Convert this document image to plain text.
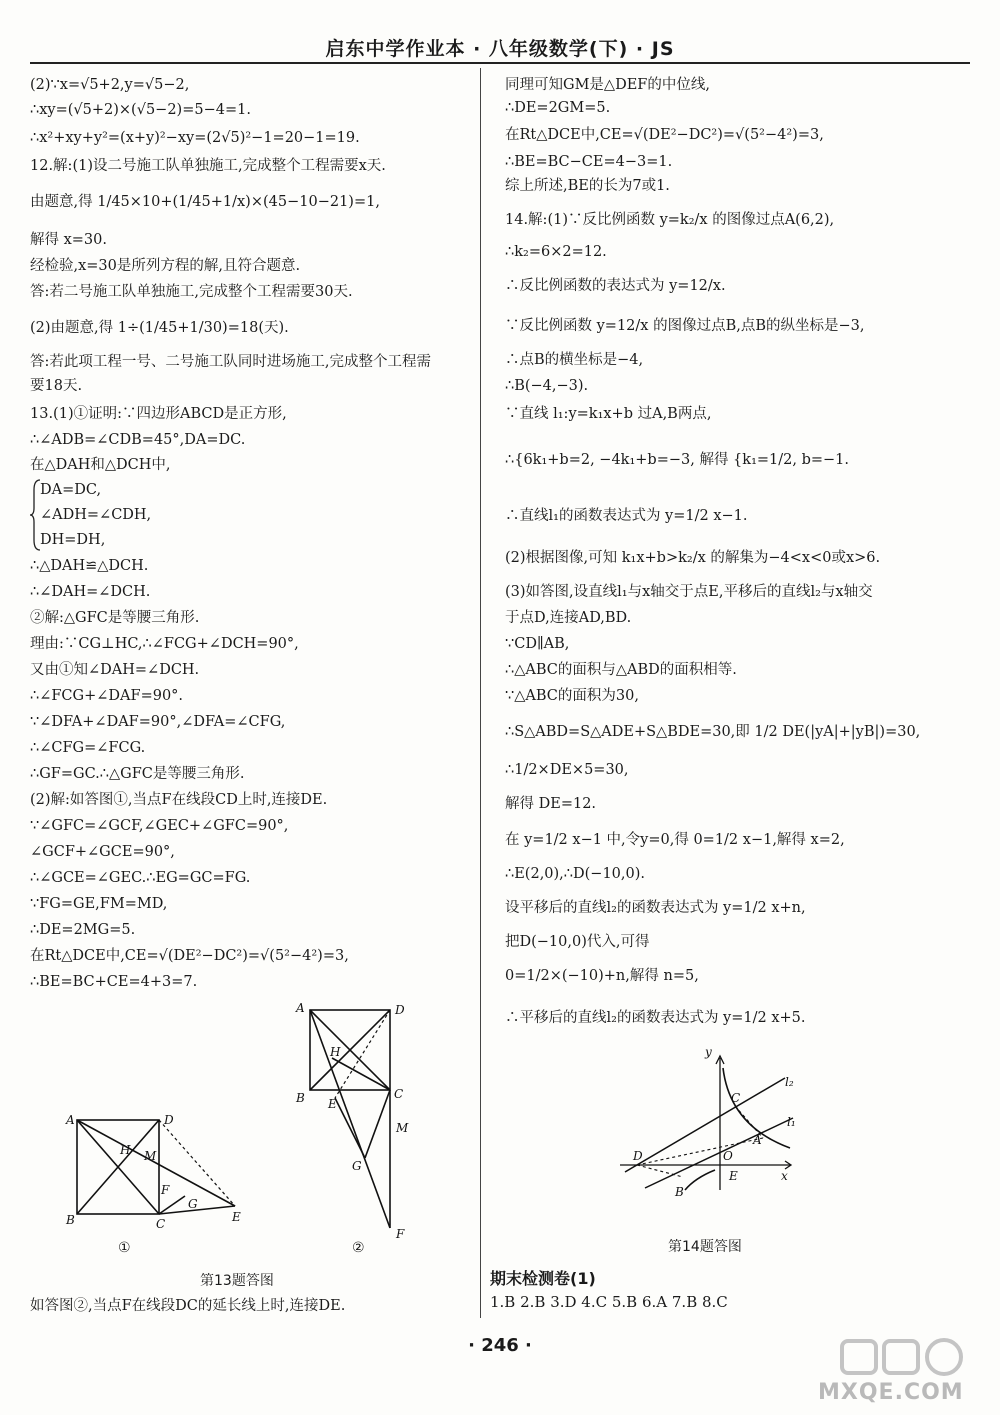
启东中学作业本 · 八年级数学(下) · JS
(2)∵x=√5+2,y=√5−2,
∴xy=(√5+2)×(√5−2)=5−4=1.
∴x²+xy+y²=(x+y)²−xy=(2√5)²−1=20−1=19.
12.解:(1)设二号施工队单独施工,完成整个工程需要x天.
由题意,得 1/45×10+(1/45+1/x)×(45−10−21)=1,
解得 x=30.
经检验,x=30是所列方程的解,且符合题意.
答:若二号施工队单独施工,完成整个工程需要30天.
(2)由题意,得 1÷(1/45+1/30)=18(天).
答:若此项工程一号、二号施工队同时进场施工,完成整个工程需
要18天.
13.(1)①证明:∵四边形ABCD是正方形,
∴∠ADB=∠CDB=45°,DA=DC.
在△DAH和△DCH中,
DA=DC,
∠ADH=∠CDH,
DH=DH,
∴△DAH≌△DCH.
∴∠DAH=∠DCH.
②解:△GFC是等腰三角形.
理由:∵CG⊥HC,∴∠FCG+∠DCH=90°,
又由①知∠DAH=∠DCH.
∴∠FCG+∠DAF=90°.
∵∠DFA+∠DAF=90°,∠DFA=∠CFG,
∴∠CFG=∠FCG.
∴GF=GC.∴△GFC是等腰三角形.
(2)解:如答图①,当点F在线段CD上时,连接DE.
∵∠GFC=∠GCF,∠GEC+∠GFC=90°,
∠GCF+∠GCE=90°,
∴∠GCE=∠GEC.∴EG=GC=FG.
∵FG=GE,FM=MD,
∴DE=2MG=5.
在Rt△DCE中,CE=√(DE²−DC²)=√(5²−4²)=3,
∴BE=BC+CE=4+3=7.
A	D
B	C
H M
F
G
E
①
A	D
B	C
H
E
M
G
F
②
第13题答图
如答图②,当点F在线段DC的延长线上时,连接DE.
同理可知GM是△DEF的中位线,
∴DE=2GM=5.
在Rt△DCE中,CE=√(DE²−DC²)=√(5²−4²)=3,
∴BE=BC−CE=4−3=1.
综上所述,BE的长为7或1.
14.解:(1)∵反比例函数 y=k₂/x 的图像过点A(6,2),
∴k₂=6×2=12.
∴反比例函数的表达式为 y=12/x.
∵反比例函数 y=12/x 的图像过点B,点B的纵坐标是−3,
∴点B的横坐标是−4,
∴B(−4,−3).
∵直线 l₁:y=k₁x+b 过A,B两点,
∴{6k₁+b=2, −4k₁+b=−3, 解得 {k₁=1/2, b=−1.
∴直线l₁的函数表达式为 y=1/2 x−1.
(2)根据图像,可知 k₁x+b>k₂/x 的解集为−4<x<0或x>6.
(3)如答图,设直线l₁与x轴交于点E,平移后的直线l₂与x轴交
于点D,连接AD,BD.
∵CD∥AB,
∴△ABC的面积与△ABD的面积相等.
∵△ABC的面积为30,
∴S△ABD=S△ADE+S△BDE=30,即 1/2 DE(|yA|+|yB|)=30,
∴1/2×DE×5=30,
解得 DE=12.
在 y=1/2 x−1 中,令y=0,得 0=1/2 x−1,解得 x=2,
∴E(2,0),∴D(−10,0).
设平移后的直线l₂的函数表达式为 y=1/2 x+n,
把D(−10,0)代入,可得
0=1/2×(−10)+n,解得 n=5,
∴平移后的直线l₂的函数表达式为 y=1/2 x+5.
y
x
D	O
C
A
E
B
l₂
l₁
第14题答图
期末检测卷(1)
1.B 2.B 3.D 4.C 5.B 6.A 7.B 8.C
· 246 ·
MXQE.COM
